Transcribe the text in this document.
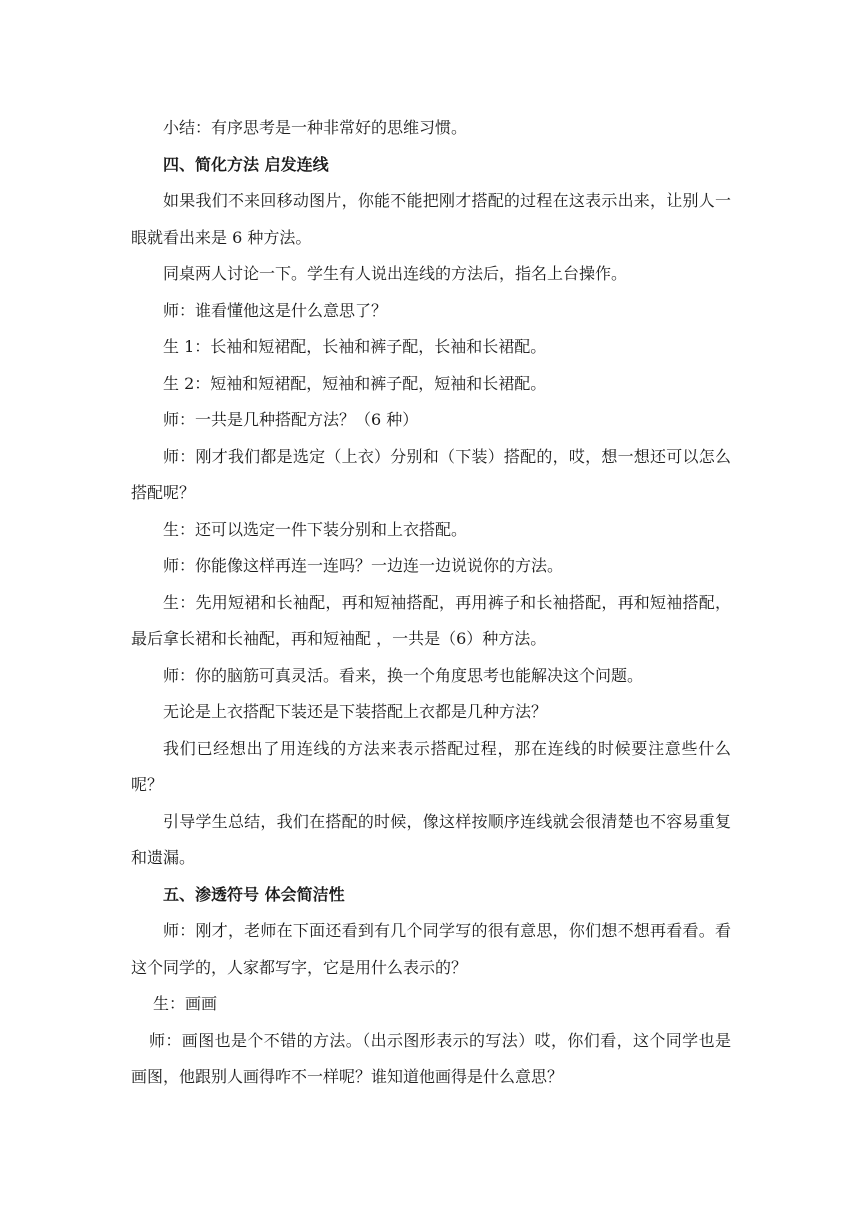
小结：有序思考是一种非常好的思维习惯。

四、简化方法 启发连线

如果我们不来回移动图片，你能不能把刚才搭配的过程在这表示出来，让别人一眼就看出来是 6 种方法。

同桌两人讨论一下。学生有人说出连线的方法后，指名上台操作。

师：谁看懂他这是什么意思了？

生 1：长袖和短裙配，长袖和裤子配，长袖和长裙配。

生 2：短袖和短裙配，短袖和裤子配，短袖和长裙配。

师：一共是几种搭配方法？（6 种）

师：刚才我们都是选定（上衣）分别和（下装）搭配的，哎，想一想还可以怎么搭配呢？

生：还可以选定一件下装分别和上衣搭配。

师：你能像这样再连一连吗？一边连一边说说你的方法。

生：先用短裙和长袖配，再和短袖搭配，再用裤子和长袖搭配，再和短袖搭配，最后拿长裙和长袖配，再和短袖配 ，一共是（6）种方法。

师：你的脑筋可真灵活。看来，换一个角度思考也能解决这个问题。

无论是上衣搭配下装还是下装搭配上衣都是几种方法？

我们已经想出了用连线的方法来表示搭配过程，那在连线的时候要注意些什么呢？

引导学生总结，我们在搭配的时候，像这样按顺序连线就会很清楚也不容易重复和遗漏。

五、渗透符号 体会简洁性

师：刚才，老师在下面还看到有几个同学写的很有意思，你们想不想再看看。看这个同学的，人家都写字，它是用什么表示的？

生：画画

师：画图也是个不错的方法。（出示图形表示的写法）哎，你们看，这个同学也是画图，他跟别人画得咋不一样呢？谁知道他画得是什么意思？
